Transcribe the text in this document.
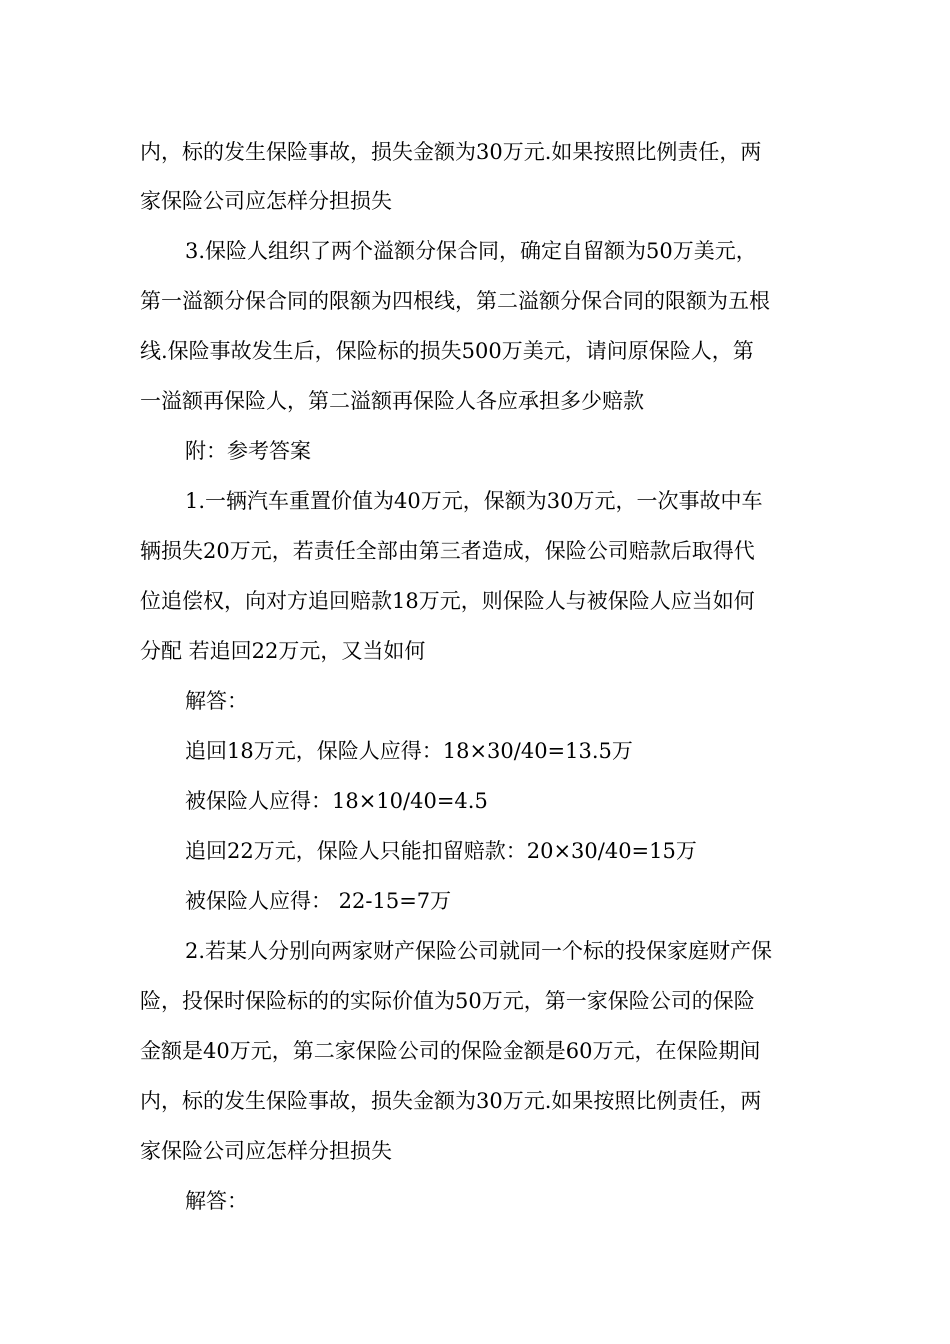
内，标的发生保险事故，损失金额为30万元.如果按照比例责任，两
家保险公司应怎样分担损失
3.保险人组织了两个溢额分保合同，确定自留额为50万美元，
第一溢额分保合同的限额为四根线，第二溢额分保合同的限额为五根
线.保险事故发生后，保险标的损失500万美元，请问原保险人，第
一溢额再保险人，第二溢额再保险人各应承担多少赔款
附：参考答案
1.一辆汽车重置价值为40万元，保额为30万元，一次事故中车
辆损失20万元，若责任全部由第三者造成，保险公司赔款后取得代
位追偿权，向对方追回赔款18万元，则保险人与被保险人应当如何
分配 若追回22万元，又当如何
解答：
追回18万元，保险人应得：18×30/40=13.5万
被保险人应得：18×10/40=4.5
追回22万元，保险人只能扣留赔款：20×30/40=15万
被保险人应得： 22-15=7万
2.若某人分别向两家财产保险公司就同一个标的投保家庭财产保
险，投保时保险标的的实际价值为50万元，第一家保险公司的保险
金额是40万元，第二家保险公司的保险金额是60万元，在保险期间
内，标的发生保险事故，损失金额为30万元.如果按照比例责任，两
家保险公司应怎样分担损失
解答：
